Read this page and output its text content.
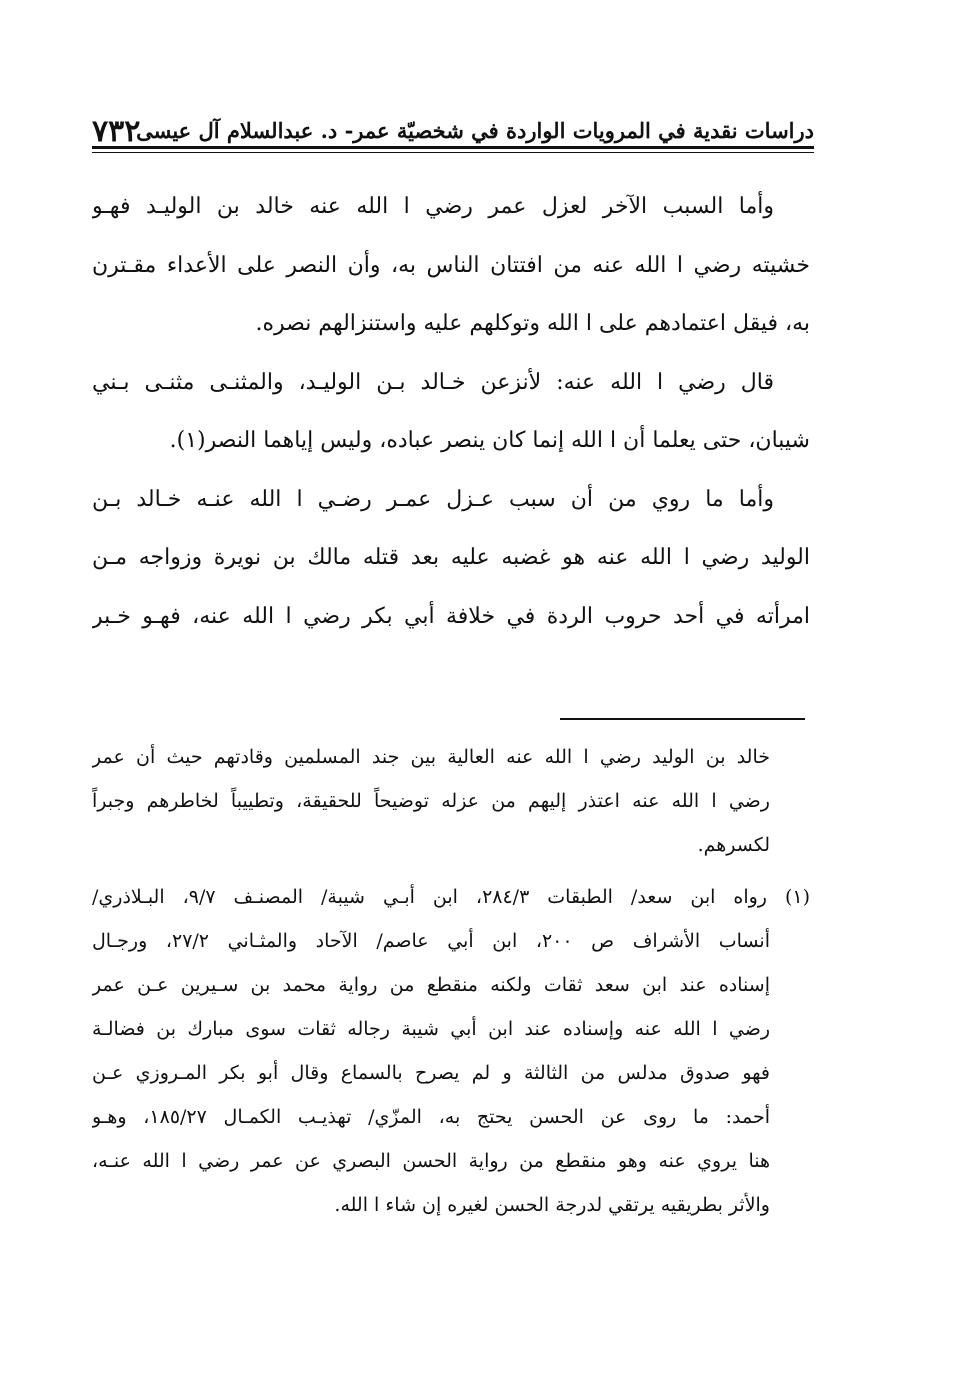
٧٣٢
دراسات نقدية في المرويات الواردة في شخصيّة عمر- د. عبدالسلام آل عيسى
وأما السبب الآخر لعزل عمر رضي ا الله عنه خالد بن الوليـد فهـو
خشيته رضي ا الله عنه من افتتان الناس به، وأن النصر على الأعداء مقـترن
به، فيقل اعتمادهم على ا الله وتوكلهم عليه واستنزالهم نصره.
قال رضي ا الله عنه: لأنزعن خـالد بـن الوليـد، والمثنـى مثنـى بـني
شيبان، حتى يعلما أن ا الله إنما كان ينصر عباده، وليس إياهما النصر(١).
وأما ما روي من أن سبب عـزل عمـر رضـي ا الله عنـه خـالد بـن
الوليد رضي ا الله عنه هو غضبه عليه بعد قتله مالك بن نويرة وزواجه مـن
امرأته في أحد حروب الردة في خلافة أبي بكر رضي ا الله عنه، فهـو خـبر
خالد بن الوليد رضي ا الله عنه العالية بين جند المسلمين وقادتهم حيث أن عمر
رضي ا الله عنه اعتذر إليهم من عزله توضيحاً للحقيقة، وتطييباً لخاطرهم وجبراً
لكسرهم.
(١) رواه ابن سعد/ الطبقات ٢٨٤/٣، ابن أبـي شيبة/ المصنـف ٩/٧، البـلاذري/
أنساب الأشراف ص ٢٠٠، ابن أبي عاصم/ الآحاد والمثـاني ٢٧/٢، ورجـال
إسناده عند ابن سعد ثقات ولكنه منقطع من رواية محمد بن سـيرين عـن عمر
رضي ا الله عنه وإسناده عند ابن أبي شيبة رجاله ثقات سوى مبارك بن فضالـة
فهو صدوق مدلس من الثالثة و لم يصرح بالسماع وقال أبو بكر المـروزي عـن
أحمد: ما روى عن الحسن يحتج به، المزّي/ تهذيـب الكمـال ١٨٥/٢٧، وهـو
هنا يروي عنه وهو منقطع من رواية الحسن البصري عن عمر رضي ا الله عنـه،
والأثر بطريقيه يرتقي لدرجة الحسن لغيره إن شاء ا الله.
